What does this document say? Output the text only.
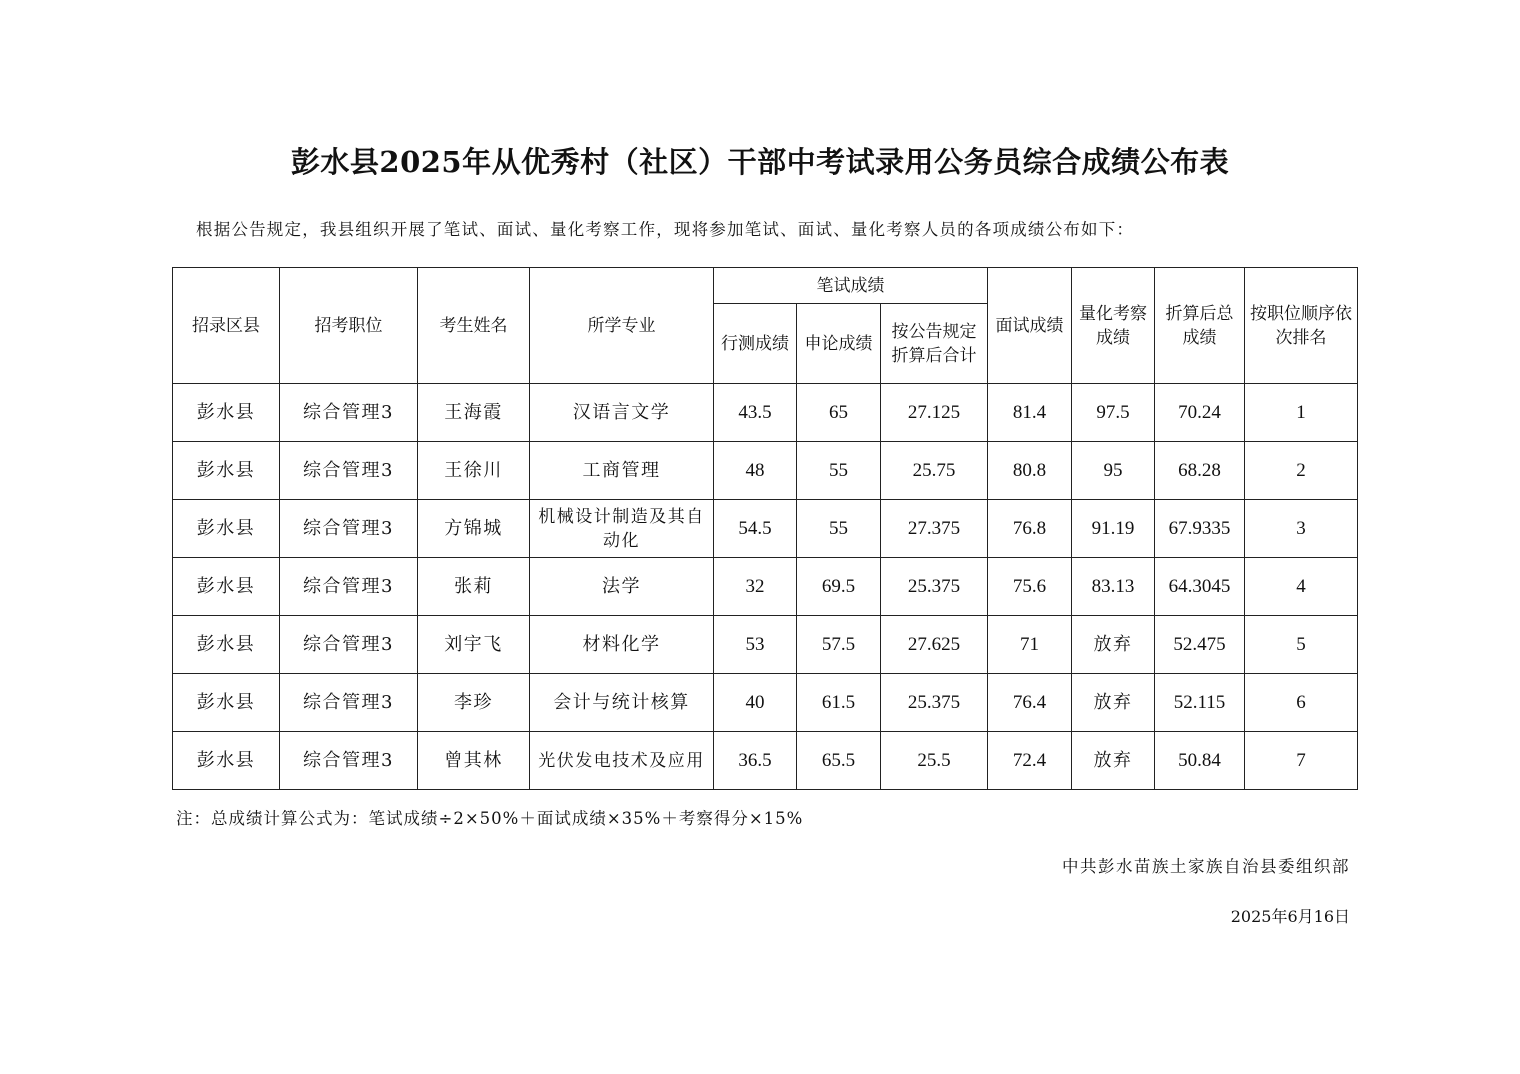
彭水县2025年从优秀村（社区）干部中考试录用公务员综合成绩公布表
根据公告规定，我县组织开展了笔试、面试、量化考察工作，现将参加笔试、面试、量化考察人员的各项成绩公布如下：
招录区县	招考职位	考生姓名	所学专业	笔试成绩			面试成绩	量化考察成绩	折算后总成绩	按职位顺序依次排名
				行测成绩	申论成绩	按公告规定折算后合计				
彭水县	综合管理3	王海霞	汉语言文学	43.5	65	27.125	81.4	97.5	70.24	1
彭水县	综合管理3	王徐川	工商管理	48	55	25.75	80.8	95	68.28	2
彭水县	综合管理3	方锦城	机械设计制造及其自动化	54.5	55	27.375	76.8	91.19	67.9335	3
彭水县	综合管理3	张莉	法学	32	69.5	25.375	75.6	83.13	64.3045	4
彭水县	综合管理3	刘宇飞	材料化学	53	57.5	27.625	71	放弃	52.475	5
彭水县	综合管理3	李珍	会计与统计核算	40	61.5	25.375	76.4	放弃	52.115	6
彭水县	综合管理3	曾其林	光伏发电技术及应用	36.5	65.5	25.5	72.4	放弃	50.84	7
注：总成绩计算公式为：笔试成绩÷2×50%＋面试成绩×35%＋考察得分×15%
中共彭水苗族土家族自治县委组织部
2025年6月16日
